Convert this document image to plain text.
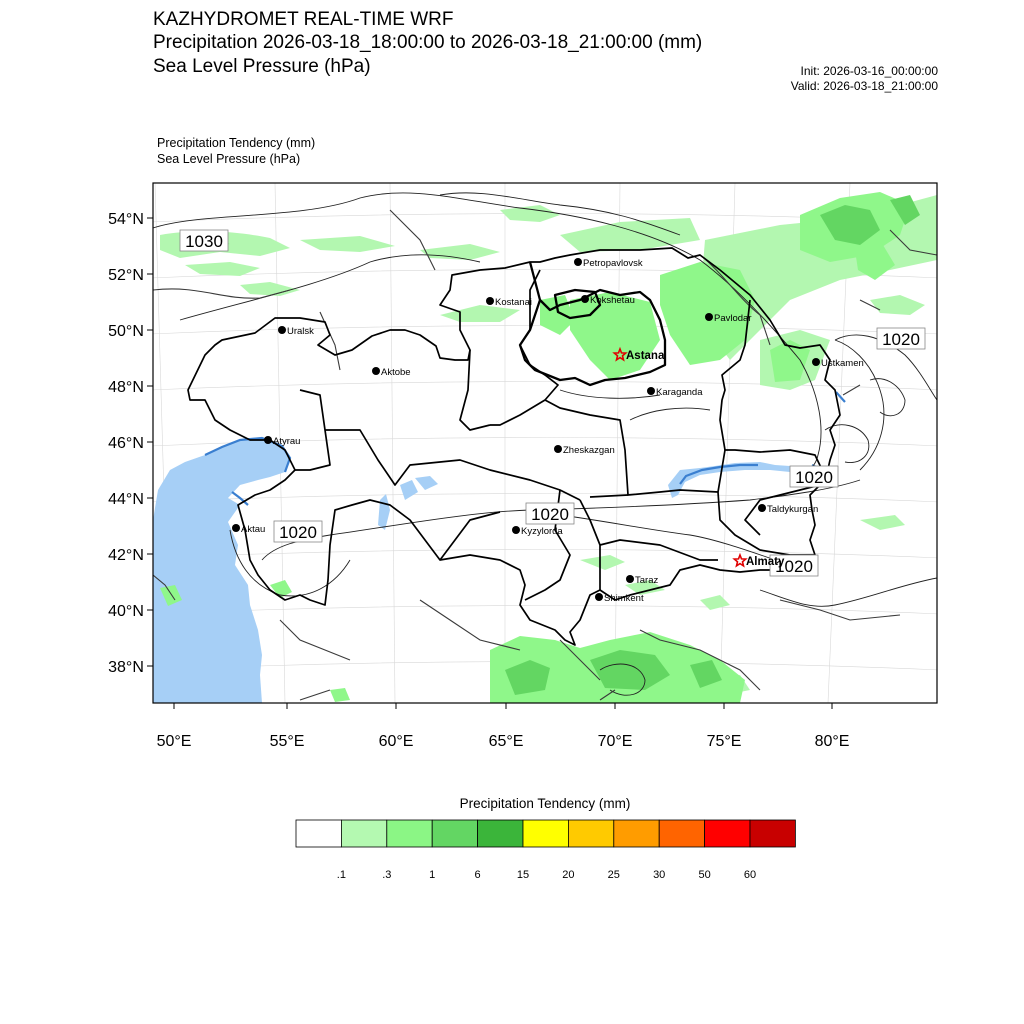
KAZHYDROMET REAL-TIME WRF
Precipitation 2026-03-18_18:00:00 to 2026-03-18_21:00:00 (mm)
Sea Level Pressure (hPa)	Init: 2026-03-16_00:00:00
Valid: 2026-03-18_21:00:00
Precipitation Tendency (mm)
Sea Level Pressure (hPa)
54°N
52°N
50°N
48°N
46°N
44°N
42°N
40°N
38°N
50°E	55°E	60°E	65°E	70°E	75°E	80°E
1030
1020
1020
1020
1020
1020
Petropavlovsk
Kostanai	Kokshetau
Uralsk
Pavlodar
Aktobe
Ustkamen
Karaganda
Atyrau
Zheskazgan
Taldykurgan
Aktau	Kyzylorda
Taraz
Shimkent
Astana
Almaty
.1	.3	1	6	15	20	25	30	50	60
Precipitation Tendency (mm)
